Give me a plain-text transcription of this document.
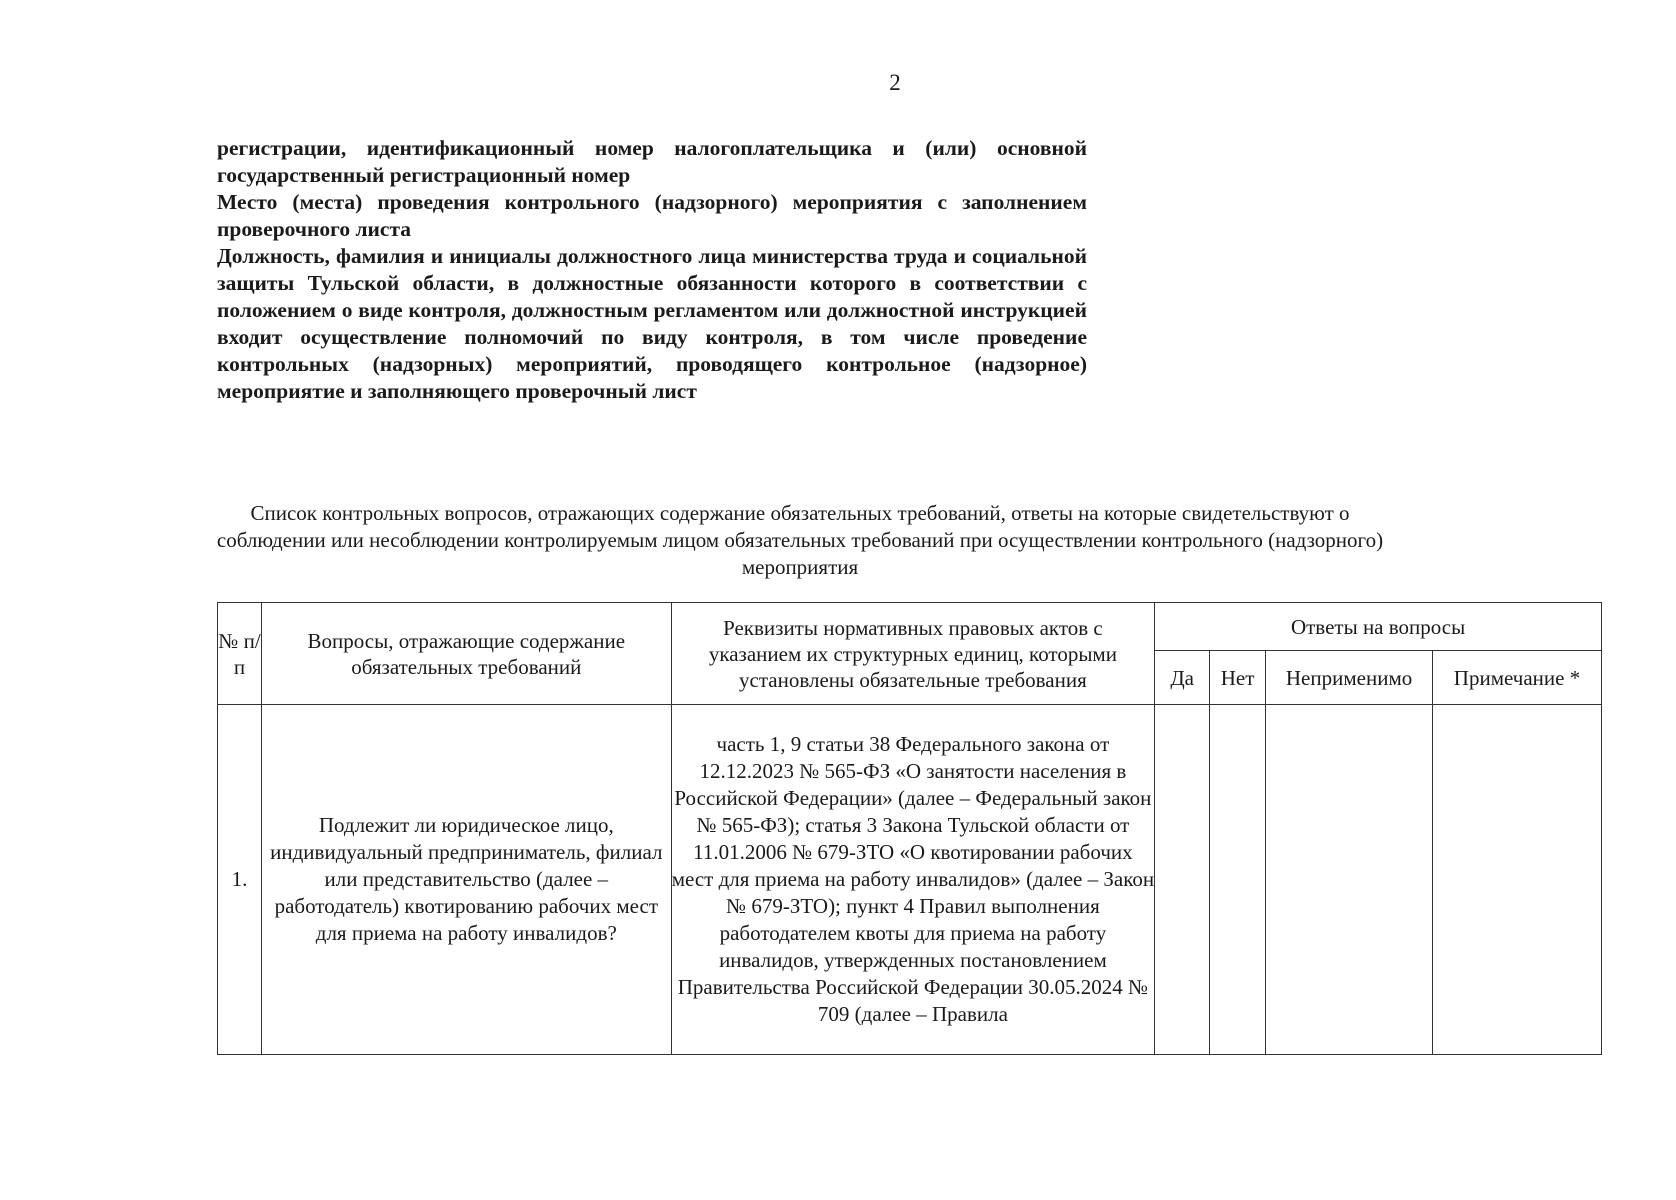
2

регистрации, идентификационный номер налогоплательщика и (или) основной государственный регистрационный номер

Место (места) проведения контрольного (надзорного) мероприятия с заполнением проверочного листа

Должность, фамилия и инициалы должностного лица министерства труда и социальной защиты Тульской области, в должностные обязанности которого в соответствии с положением о виде контроля, должностным регламентом или должностной инструкцией входит осуществление полномочий по виду контроля, в том числе проведение контрольных (надзорных) мероприятий, проводящего контрольное (надзорное) мероприятие и заполняющего проверочный лист

Список контрольных вопросов, отражающих содержание обязательных требований, ответы на которые свидетельствуют о соблюдении или несоблюдении контролируемым лицом обязательных требований при осуществлении контрольного (надзорного) мероприятия
№ п/п	Вопросы, отражающие содержание обязательных требований	Реквизиты нормативных правовых актов с указанием их структурных единиц, которыми установлены обязательные требования	Ответы на вопросы			
			Да	Нет	Неприменимо	Примечание *
1.	Подлежит ли юридическое лицо, индивидуальный предприниматель, филиал или представительство (далее – работодатель) квотированию рабочих мест для приема на работу инвалидов?	часть 1, 9 статьи 38 Федерального закона от 12.12.2023 № 565-ФЗ «О занятости населения в Российской Федерации» (далее – Федеральный закон № 565-ФЗ); статья 3 Закона Тульской области от 11.01.2006 № 679-ЗТО «О квотировании рабочих мест для приема на работу инвалидов» (далее – Закон № 679-ЗТО); пункт 4 Правил выполнения работодателем квоты для приема на работу инвалидов, утвержденных постановлением Правительства Российской Федерации 30.05.2024 № 709 (далее – Правила				
